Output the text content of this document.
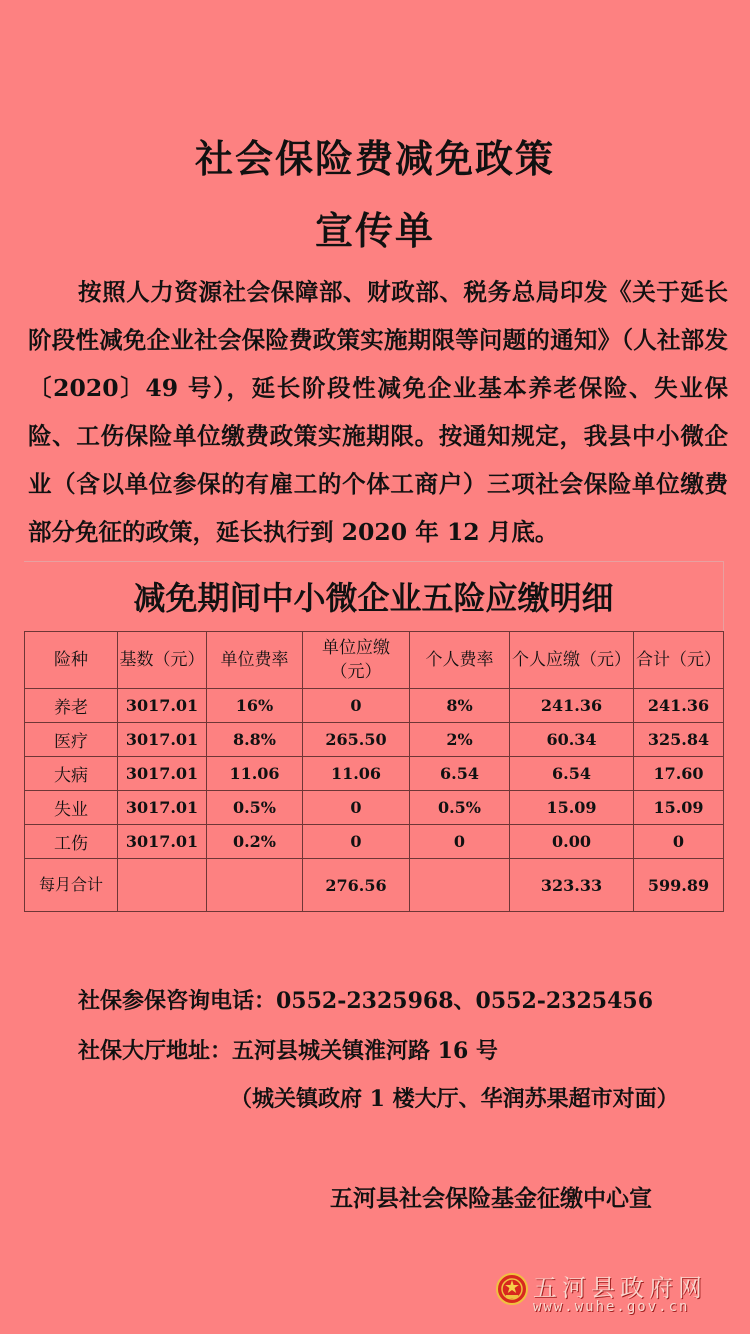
社会保险费减免政策
宣传单

按照人力资源社会保障部、财政部、税务总局印发《关于延长阶段性减免企业社会保险费政策实施期限等问题的通知》（人社部发 〔2020〕49 号），延长阶段性减免企业基本养老保险、失业保险、工伤保险单位缴费政策实施期限。按通知规定，我县中小微企业（含以单位参保的有雇工的个体工商户）三项社会保险单位缴费部分免征的政策，延长执行到 2020 年 12 月底。

减免期间中小微企业五险应缴明细
险种	基数（元）	单位费率	单位应缴（元）	个人费率	个人应缴（元）	合计（元）
养老	3017.01	16%	0	8%	241.36	241.36
医疗	3017.01	8.8%	265.50	2%	60.34	325.84
大病	3017.01	11.06	11.06	6.54	6.54	17.60
失业	3017.01	0.5%	0	0.5%	15.09	15.09
工伤	3017.01	0.2%	0	0	0.00	0
每月合计			276.56		323.33	599.89
社保参保咨询电话：0552-2325968、0552-2325456
社保大厅地址：五河县城关镇淮河路 16 号
（城关镇政府 1 楼大厅、华润苏果超市对面）
五河县社会保险基金征缴中心宣
五河县政府网
www.wuhe.gov.cn
